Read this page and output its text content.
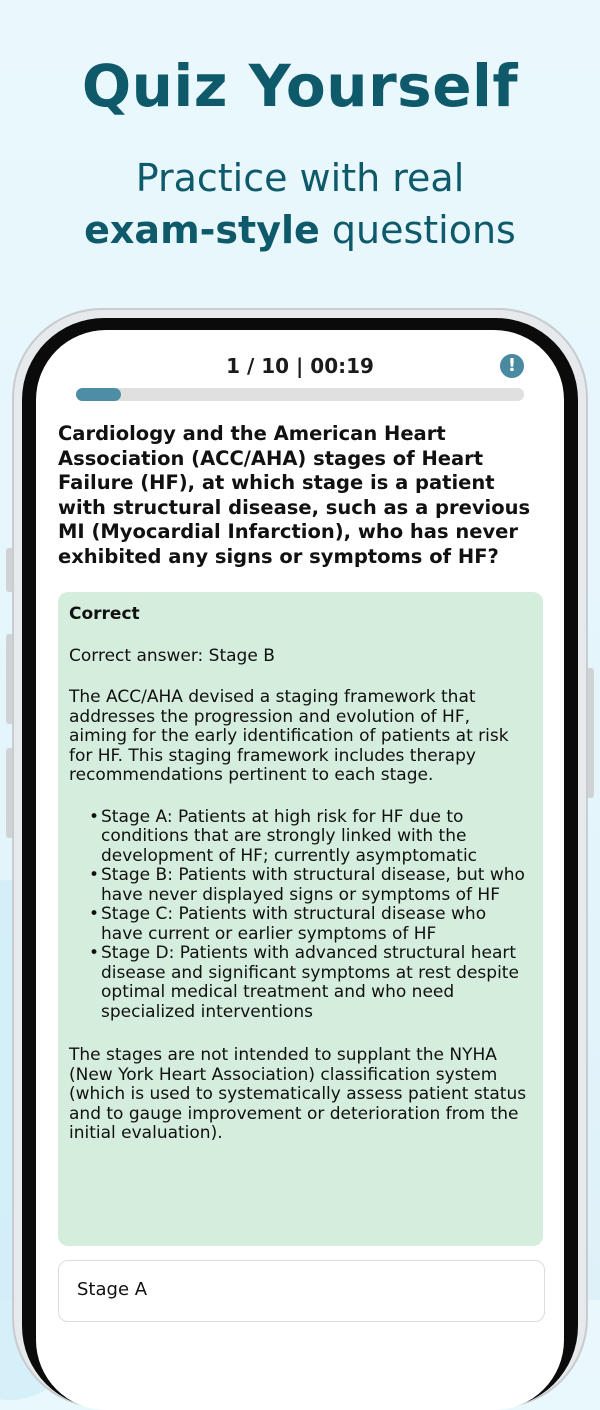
Quiz Yourself
Practice with real
exam-style questions
1 / 10 | 00:19	!
Cardiology and the American Heart Association (ACC/AHA) stages of Heart Failure (HF), at which stage is a patient with structural disease, such as a previous MI (Myocardial Infarction), who has never exhibited any signs or symptoms of HF?

Correct

Correct answer: Stage B

The ACC/AHA devised a staging framework that addresses the progression and evolution of HF, aiming for the early identification of patients at risk for HF. This staging framework includes therapy recommendations pertinent to each stage.

• Stage A: Patients at high risk for HF due to conditions that are strongly linked with the development of HF; currently asymptomatic
• Stage B: Patients with structural disease, but who have never displayed signs or symptoms of HF
• Stage C: Patients with structural disease who have current or earlier symptoms of HF
• Stage D: Patients with advanced structural heart disease and significant symptoms at rest despite optimal medical treatment and who need specialized interventions

The stages are not intended to supplant the NYHA (New York Heart Association) classification system (which is used to systematically assess patient status and to gauge improvement or deterioration from the initial evaluation).

Stage A
